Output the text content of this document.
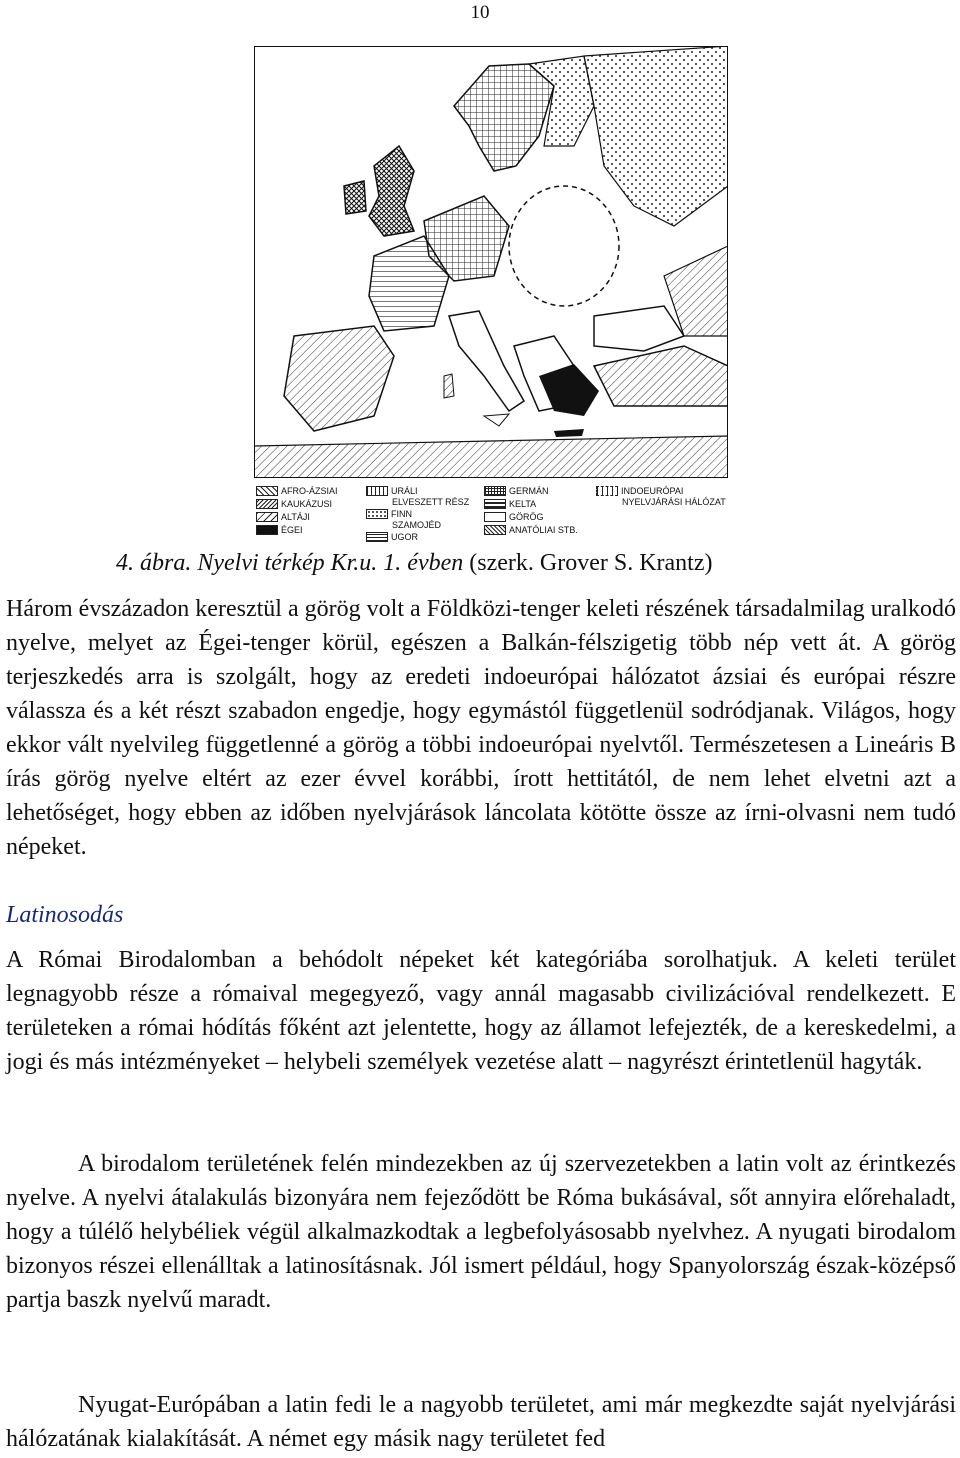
10
AFRO-ÁZSIAI
KAUKÁZUSI
ALTÁJI
ÉGEI
URÁLI
ELVESZETT RÉSZ
FINN
SZAMOJÉD
UGOR
GERMÁN
KELTA
GÖRÖG
ANATÓLIAI STB.
INDOEURÓPAI
NYELVJÁRÁSI HÁLÓZAT
4. ábra. Nyelvi térkép Kr.u. 1. évben (szerk. Grover S. Krantz)
Három évszázadon keresztül a görög volt a Földközi-tenger keleti részének társadalmilag uralkodó nyelve, melyet az Égei-tenger körül, egészen a Balkán-félszigetig több nép vett át. A görög terjeszkedés arra is szolgált, hogy az eredeti indoeurópai hálózatot ázsiai és európai részre válassza és a két részt szabadon engedje, hogy egymástól függetlenül sodródjanak. Világos, hogy ekkor vált nyelvileg függetlenné a görög a többi indoeurópai nyelvtől. Természetesen a Lineáris B írás görög nyelve eltért az ezer évvel korábbi, írott hettitától, de nem lehet elvetni azt a lehetőséget, hogy ebben az időben nyelvjárások láncolata kötötte össze az írni-olvasni nem tudó népeket.
Latinosodás
A Római Birodalomban a behódolt népeket két kategóriába sorolhatjuk. A keleti terület legnagyobb része a rómaival megegyező, vagy annál magasabb civilizációval rendelkezett. E területeken a római hódítás főként azt jelentette, hogy az államot lefejezték, de a kereskedelmi, a jogi és más intézményeket – helybeli személyek vezetése alatt – nagyrészt érintetlenül hagyták.
A birodalom területének felén mindezekben az új szervezetekben a latin volt az érintkezés nyelve. A nyelvi átalakulás bizonyára nem fejeződött be Róma bukásával, sőt annyira előrehaladt, hogy a túlélő helybéliek végül alkalmazkodtak a legbefolyásosabb nyelvhez. A nyugati birodalom bizonyos részei ellenálltak a latinosításnak. Jól ismert például, hogy Spanyolország észak-középső partja baszk nyelvű maradt.
Nyugat-Európában a latin fedi le a nagyobb területet, ami már megkezdte saját nyelvjárási hálózatának kialakítását. A német egy másik nagy területet fed
